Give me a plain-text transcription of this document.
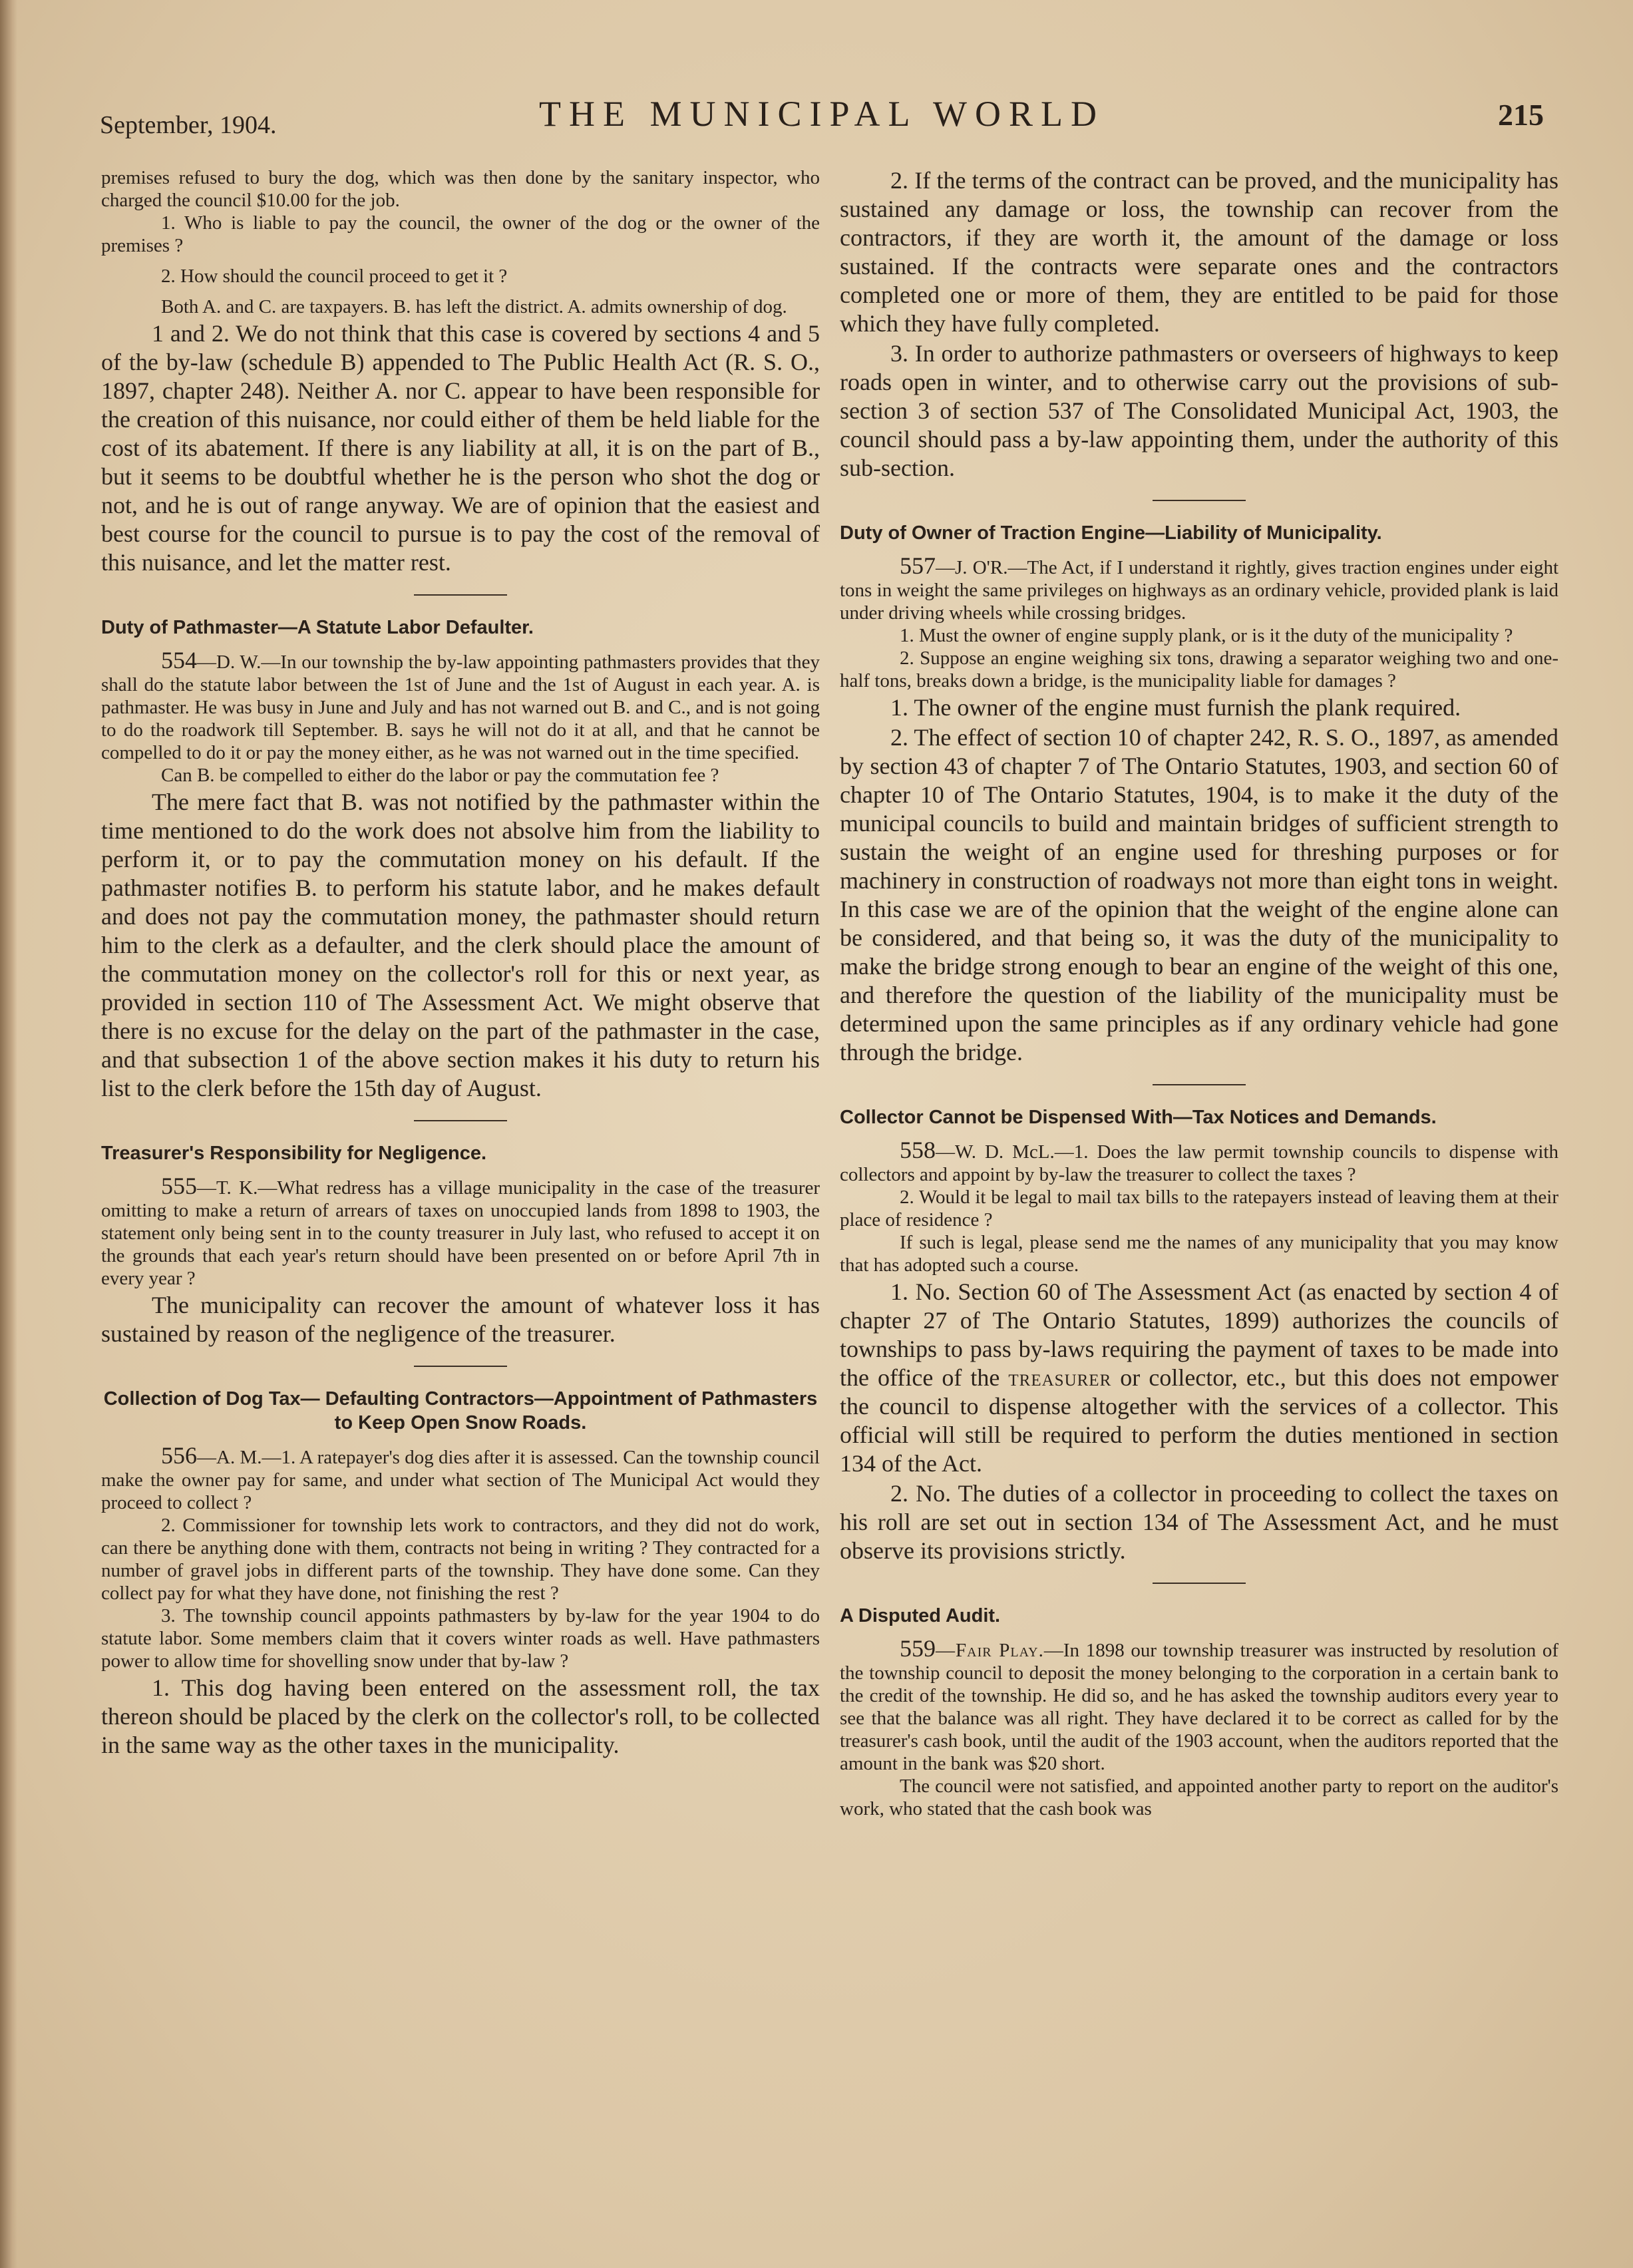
September, 1904.	THE MUNICIPAL WORLD	215

premises refused to bury the dog, which was then done by the sanitary inspector, who charged the council $10.00 for the job.

1. Who is liable to pay the council, the owner of the dog or the owner of the premises ?

2. How should the council proceed to get it ?

Both A. and C. are taxpayers. B. has left the district. A. admits ownership of dog.

1 and 2. We do not think that this case is covered by sections 4 and 5 of the by-law (schedule B) appended to The Public Health Act (R. S. O., 1897, chapter 248). Neither A. nor C. appear to have been responsible for the creation of this nuisance, nor could either of them be held liable for the cost of its abatement. If there is any liability at all, it is on the part of B., but it seems to be doubtful whether he is the person who shot the dog or not, and he is out of range anyway. We are of opinion that the easiest and best course for the council to pursue is to pay the cost of the removal of this nuisance, and let the matter rest.

Duty of Pathmaster—A Statute Labor Defaulter.

554—D. W.—In our township the by-law appointing pathmasters provides that they shall do the statute labor between the 1st of June and the 1st of August in each year. A. is pathmaster. He was busy in June and July and has not warned out B. and C., and is not going to do the roadwork till September. B. says he will not do it at all, and that he cannot be compelled to do it or pay the money either, as he was not warned out in the time specified.

Can B. be compelled to either do the labor or pay the commutation fee ?

The mere fact that B. was not notified by the pathmaster within the time mentioned to do the work does not absolve him from the liability to perform it, or to pay the commutation money on his default. If the pathmaster notifies B. to perform his statute labor, and he makes default and does not pay the commutation money, the pathmaster should return him to the clerk as a defaulter, and the clerk should place the amount of the commutation money on the collector's roll for this or next year, as provided in section 110 of The Assessment Act. We might observe that there is no excuse for the delay on the part of the pathmaster in the case, and that subsection 1 of the above section makes it his duty to return his list to the clerk before the 15th day of August.

Treasurer's Responsibility for Negligence.

555—T. K.—What redress has a village municipality in the case of the treasurer omitting to make a return of arrears of taxes on unoccupied lands from 1898 to 1903, the statement only being sent in to the county treasurer in July last, who refused to accept it on the grounds that each year's return should have been presented on or before April 7th in every year ?

The municipality can recover the amount of whatever loss it has sustained by reason of the negligence of the treasurer.

Collection of Dog Tax— Defaulting Contractors—Appointment of Pathmasters to Keep Open Snow Roads.

556—A. M.—1. A ratepayer's dog dies after it is assessed. Can the township council make the owner pay for same, and under what section of The Municipal Act would they proceed to collect ?

2. Commissioner for township lets work to contractors, and they did not do work, can there be anything done with them, contracts not being in writing ? They contracted for a number of gravel jobs in different parts of the township. They have done some. Can they collect pay for what they have done, not finishing the rest ?

3. The township council appoints pathmasters by by-law for the year 1904 to do statute labor. Some members claim that it covers winter roads as well. Have pathmasters power to allow time for shovelling snow under that by-law ?

1. This dog having been entered on the assessment roll, the tax thereon should be placed by the clerk on the collector's roll, to be collected in the same way as the other taxes in the municipality.

2. If the terms of the contract can be proved, and the municipality has sustained any damage or loss, the township can recover from the contractors, if they are worth it, the amount of the damage or loss sustained. If the contracts were separate ones and the contractors completed one or more of them, they are entitled to be paid for those which they have fully completed.

3. In order to authorize pathmasters or overseers of highways to keep roads open in winter, and to otherwise carry out the provisions of sub-section 3 of section 537 of The Consolidated Municipal Act, 1903, the council should pass a by-law appointing them, under the authority of this sub-section.

Duty of Owner of Traction Engine—Liability of Municipality.

557—J. O'R.—The Act, if I understand it rightly, gives traction engines under eight tons in weight the same privileges on highways as an ordinary vehicle, provided plank is laid under driving wheels while crossing bridges.

1. Must the owner of engine supply plank, or is it the duty of the municipality ?

2. Suppose an engine weighing six tons, drawing a separator weighing two and one-half tons, breaks down a bridge, is the municipality liable for damages ?

1. The owner of the engine must furnish the plank required.

2. The effect of section 10 of chapter 242, R. S. O., 1897, as amended by section 43 of chapter 7 of The Ontario Statutes, 1903, and section 60 of chapter 10 of The Ontario Statutes, 1904, is to make it the duty of the municipal councils to build and maintain bridges of sufficient strength to sustain the weight of an engine used for threshing purposes or for machinery in construction of roadways not more than eight tons in weight. In this case we are of the opinion that the weight of the engine alone can be considered, and that being so, it was the duty of the municipality to make the bridge strong enough to bear an engine of the weight of this one, and therefore the question of the liability of the municipality must be determined upon the same principles as if any ordinary vehicle had gone through the bridge.

Collector Cannot be Dispensed With—Tax Notices and Demands.

558—W. D. McL.—1. Does the law permit township councils to dispense with collectors and appoint by by-law the treasurer to collect the taxes ?

2. Would it be legal to mail tax bills to the ratepayers instead of leaving them at their place of residence ?

If such is legal, please send me the names of any municipality that you may know that has adopted such a course.

1. No. Section 60 of The Assessment Act (as enacted by section 4 of chapter 27 of The Ontario Statutes, 1899) authorizes the councils of townships to pass by-laws requiring the payment of taxes to be made into the office of the treasurer or collector, etc., but this does not empower the council to dispense altogether with the services of a collector. This official will still be required to perform the duties mentioned in section 134 of the Act.

2. No. The duties of a collector in proceeding to collect the taxes on his roll are set out in section 134 of The Assessment Act, and he must observe its provisions strictly.

A Disputed Audit.

559—Fair Play.—In 1898 our township treasurer was instructed by resolution of the township council to deposit the money belonging to the corporation in a certain bank to the credit of the township. He did so, and he has asked the township auditors every year to see that the balance was all right. They have declared it to be correct as called for by the treasurer's cash book, until the audit of the 1903 account, when the auditors reported that the amount in the bank was $20 short.

The council were not satisfied, and appointed another party to report on the auditor's work, who stated that the cash book was
